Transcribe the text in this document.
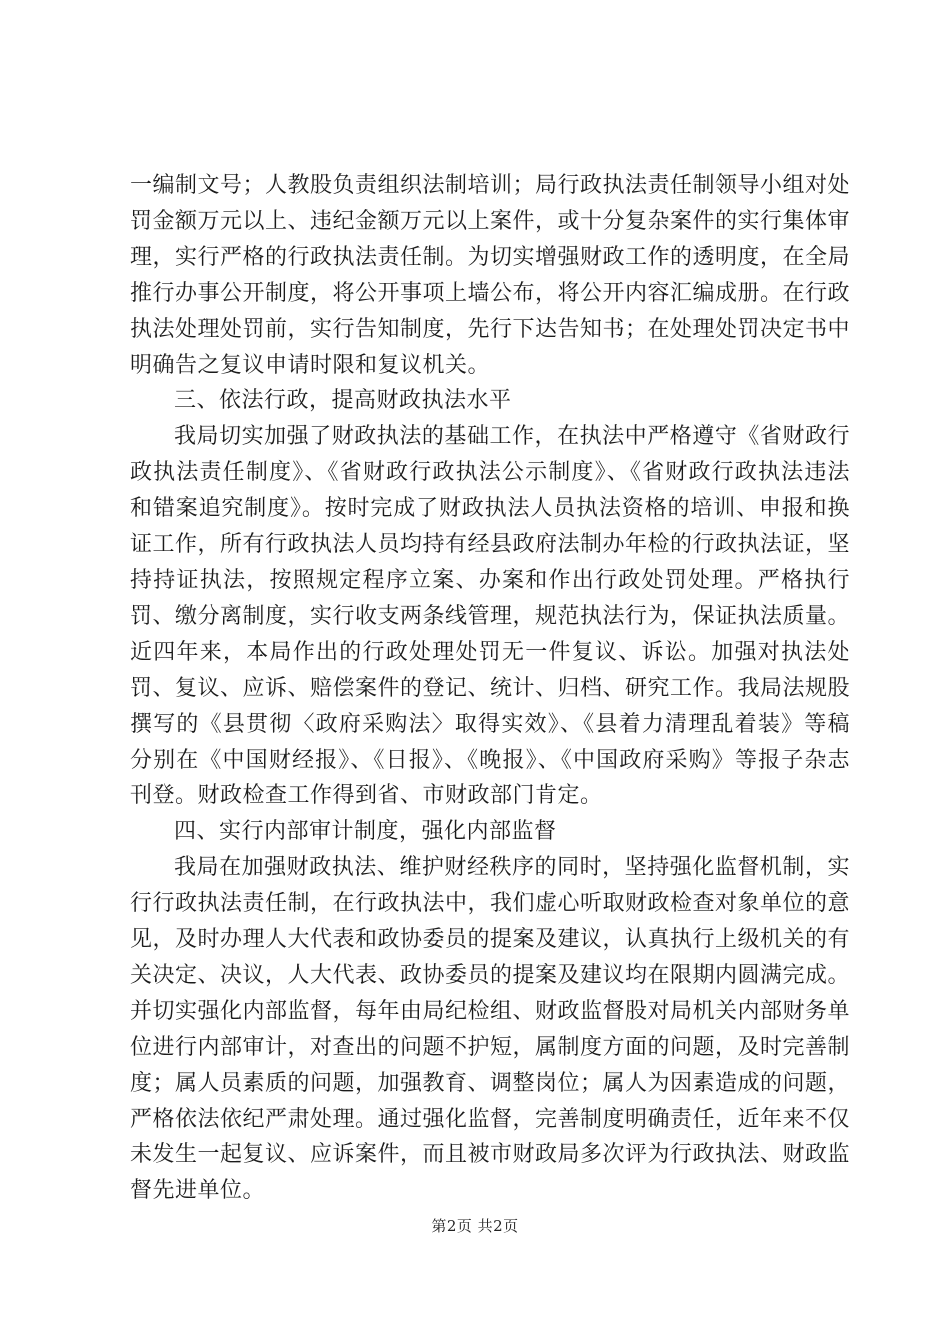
一编制文号；人教股负责组织法制培训；局行政执法责任制领导小组对处罚金额万元以上、违纪金额万元以上案件，或十分复杂案件的实行集体审理，实行严格的行政执法责任制。为切实增强财政工作的透明度，在全局推行办事公开制度，将公开事项上墙公布，将公开内容汇编成册。在行政执法处理处罚前，实行告知制度，先行下达告知书；在处理处罚决定书中明确告之复议申请时限和复议机关。

三、依法行政，提高财政执法水平

我局切实加强了财政执法的基础工作，在执法中严格遵守《省财政行政执法责任制度》、《省财政行政执法公示制度》、《省财政行政执法违法和错案追究制度》。按时完成了财政执法人员执法资格的培训、申报和换证工作，所有行政执法人员均持有经县政府法制办年检的行政执法证，坚持持证执法，按照规定程序立案、办案和作出行政处罚处理。严格执行罚、缴分离制度，实行收支两条线管理，规范执法行为，保证执法质量。近四年来，本局作出的行政处理处罚无一件复议、诉讼。加强对执法处罚、复议、应诉、赔偿案件的登记、统计、归档、研究工作。我局法规股撰写的《县贯彻〈政府采购法〉取得实效》、《县着力清理乱着装》等稿分别在《中国财经报》、《日报》、《晚报》、《中国政府采购》等报子杂志刊登。财政检查工作得到省、市财政部门肯定。

四、实行内部审计制度，强化内部监督

我局在加强财政执法、维护财经秩序的同时，坚持强化监督机制，实行行政执法责任制，在行政执法中，我们虚心听取财政检查对象单位的意见，及时办理人大代表和政协委员的提案及建议，认真执行上级机关的有关决定、决议，人大代表、政协委员的提案及建议均在限期内圆满完成。并切实强化内部监督，每年由局纪检组、财政监督股对局机关内部财务单位进行内部审计，对查出的问题不护短，属制度方面的问题，及时完善制度；属人员素质的问题，加强教育、调整岗位；属人为因素造成的问题，严格依法依纪严肃处理。通过强化监督，完善制度明确责任，近年来不仅未发生一起复议、应诉案件，而且被市财政局多次评为行政执法、财政监督先进单位。

第2页 共2页
